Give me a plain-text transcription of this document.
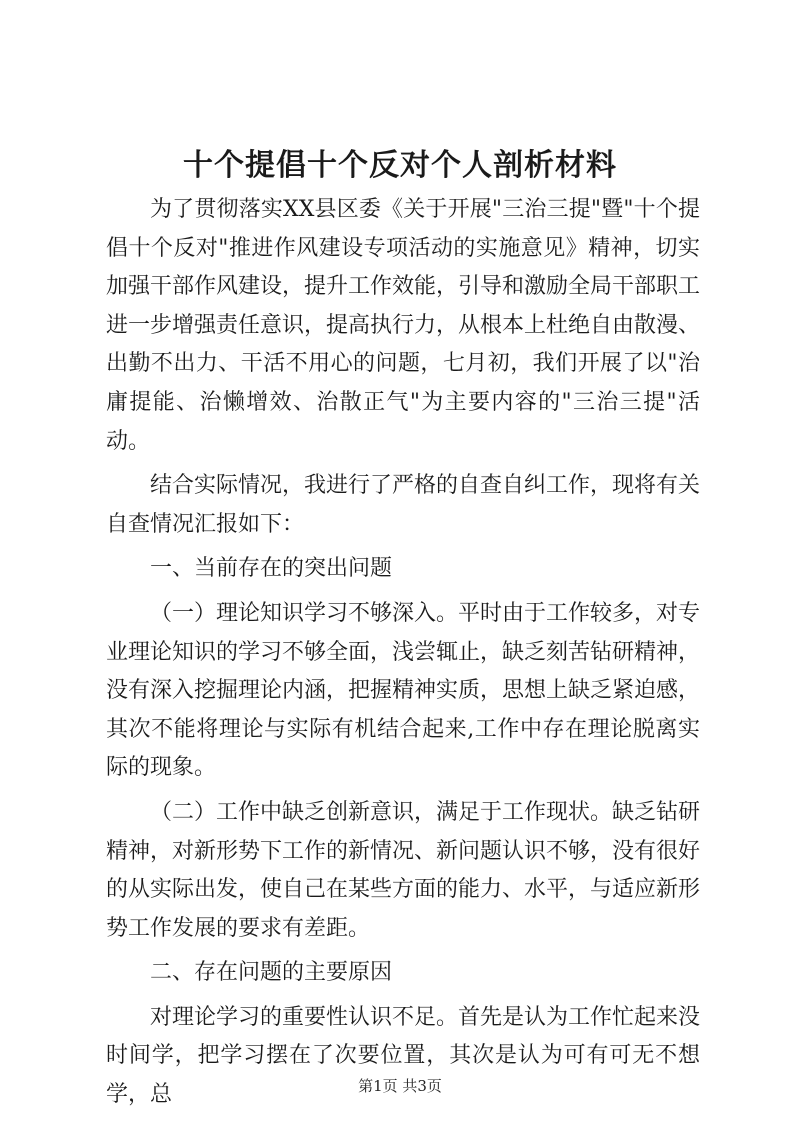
十个提倡十个反对个人剖析材料

为了贯彻落实XX县区委《关于开展"三治三提"暨"十个提倡十个反对"推进作风建设专项活动的实施意见》精神，切实加强干部作风建设，提升工作效能，引导和激励全局干部职工进一步增强责任意识，提高执行力，从根本上杜绝自由散漫、出勤不出力、干活不用心的问题，七月初，我们开展了以"治庸提能、治懒增效、治散正气"为主要内容的"三治三提"活动。

结合实际情况，我进行了严格的自查自纠工作，现将有关自查情况汇报如下：

一、当前存在的突出问题

（一）理论知识学习不够深入。平时由于工作较多，对专业理论知识的学习不够全面，浅尝辄止，缺乏刻苦钻研精神，没有深入挖掘理论内涵，把握精神实质，思想上缺乏紧迫感，其次不能将理论与实际有机结合起来,工作中存在理论脱离实际的现象。

（二）工作中缺乏创新意识，满足于工作现状。缺乏钻研精神，对新形势下工作的新情况、新问题认识不够，没有很好的从实际出发，使自己在某些方面的能力、水平，与适应新形势工作发展的要求有差距。

二、存在问题的主要原因

对理论学习的重要性认识不足。首先是认为工作忙起来没时间学，把学习摆在了次要位置，其次是认为可有可无不想学，总	第1页 共3页
